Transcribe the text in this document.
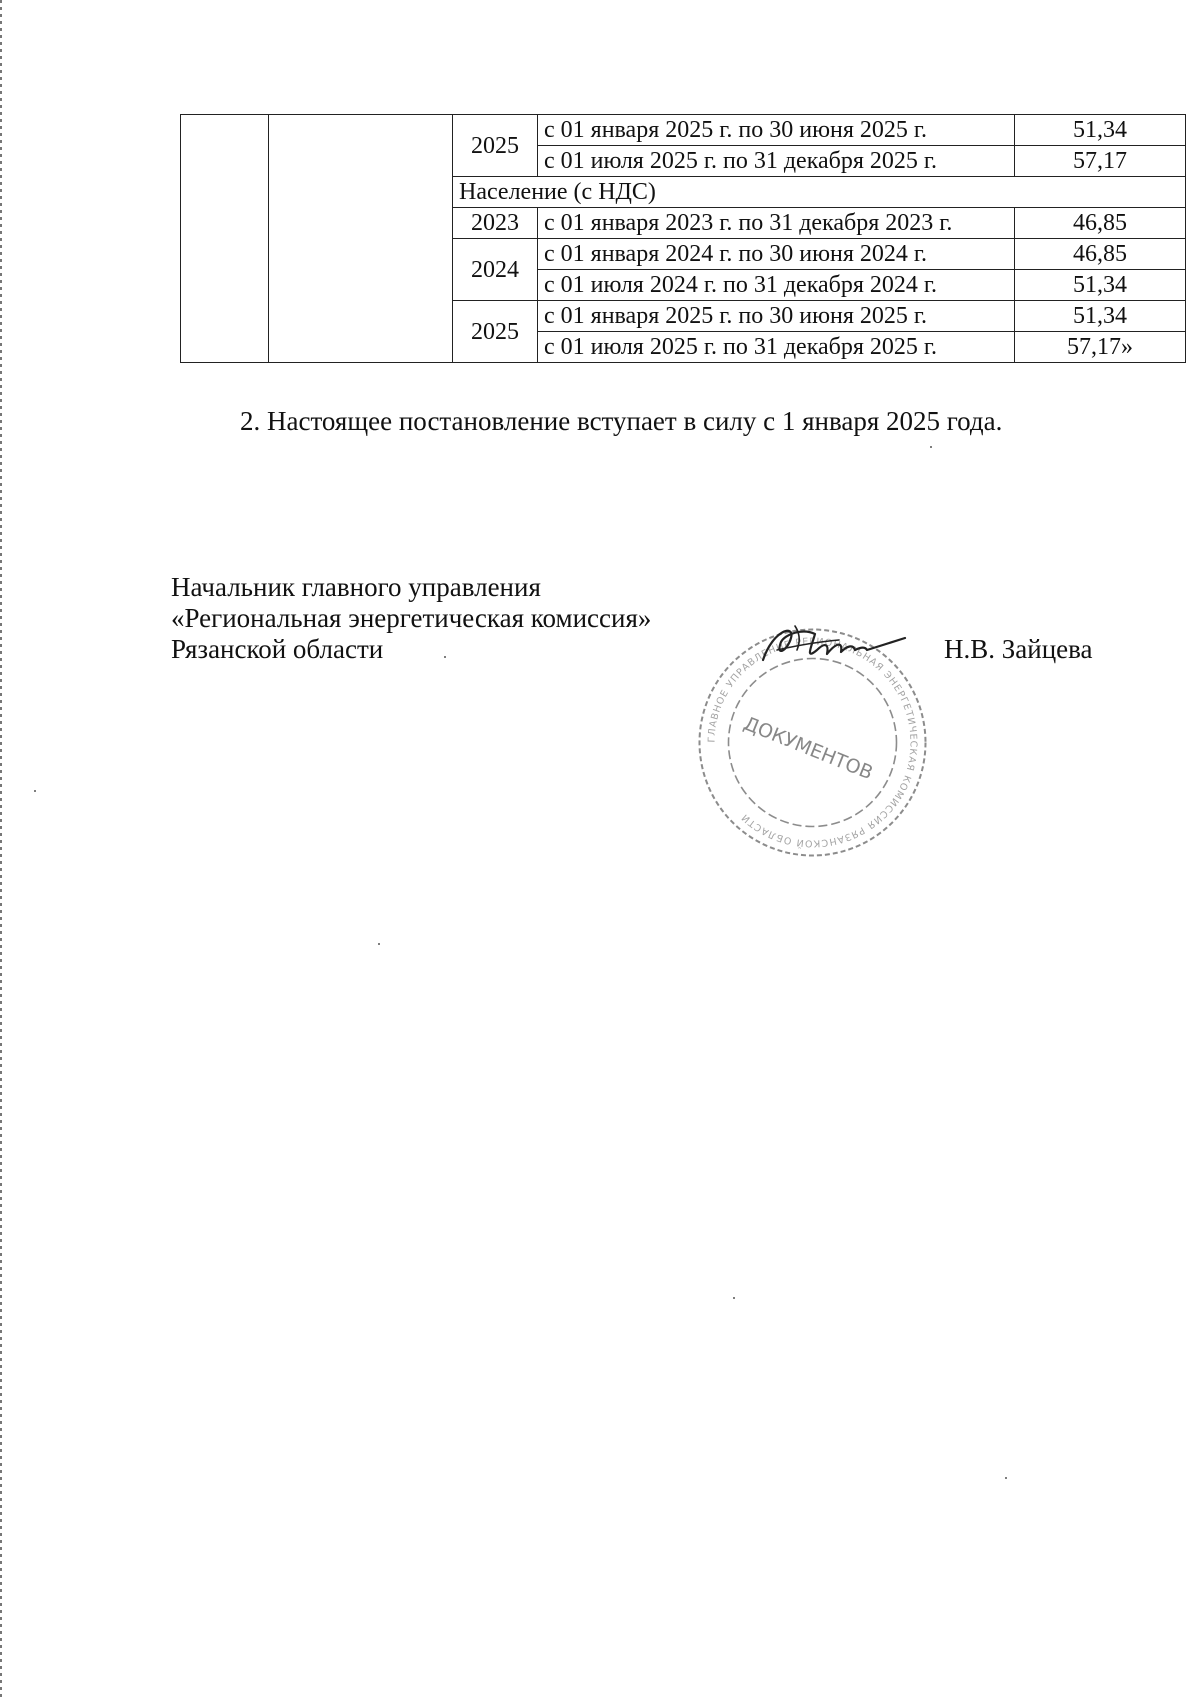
		2025	с 01 января 2025 г. по 30 июня 2025 г.	51,34
			с 01 июля 2025 г. по 31 декабря 2025 г.	57,17
		Население (с НДС)		
		2023	с 01 января 2023 г. по 31 декабря 2023 г.	46,85
		2024	с 01 января 2024 г. по 30 июня 2024 г.	46,85
			с 01 июля 2024 г. по 31 декабря 2024 г.	51,34
		2025	с 01 января 2025 г. по 30 июня 2025 г.	51,34
			с 01 июля 2025 г. по 31 декабря 2025 г.	57,17»
2. Настоящее постановление вступает в силу с 1 января 2025 года.
Начальник главного управления
«Региональная энергетическая комиссия»
Рязанской области
ГЛАВНОЕ УПРАВЛЕНИЕ РЕГИОНАЛЬНАЯ ЭНЕРГЕТИЧЕСКАЯ КОМИССИЯ РЯЗАНСКОЙ ОБЛАСТИ
ДОКУМЕНТОВ
Н.В. Зайцева
